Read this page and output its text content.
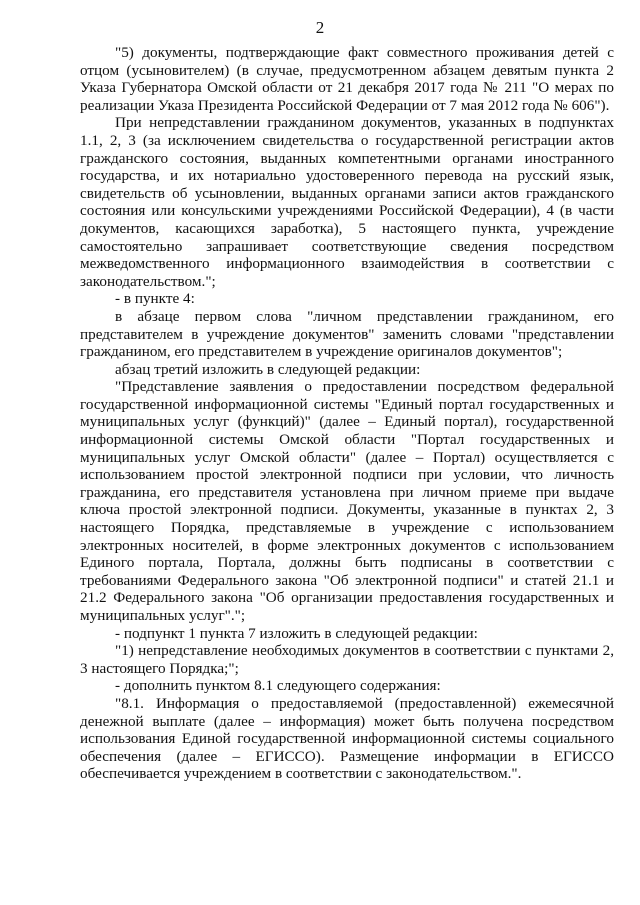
2

"5) документы, подтверждающие факт совместного проживания детей с отцом (усыновителем) (в случае, предусмотренном абзацем девятым пункта 2 Указа Губернатора Омской области от 21 декабря 2017 года № 211 "О мерах по реализации Указа Президента Российской Федерации от 7 мая 2012 года № 606").

При непредставлении гражданином документов, указанных в подпунктах 1.1, 2, 3 (за исключением свидетельства о государственной регистрации актов гражданского состояния, выданных компетентными органами иностранного государства, и их нотариально удостоверенного перевода на русский язык, свидетельств об усыновлении, выданных органами записи актов гражданского состояния или консульскими учреждениями Российской Федерации), 4 (в части документов, касающихся заработка), 5 настоящего пункта, учреждение самостоятельно запрашивает соответствующие сведения посредством межведомственного информационного взаимодействия в соответствии с законодательством.";

- в пункте 4:

в абзаце первом слова "личном представлении гражданином, его представителем в учреждение документов" заменить словами "представлении гражданином, его представителем в учреждение оригиналов документов";

абзац третий изложить в следующей редакции:

"Представление заявления о предоставлении посредством федеральной государственной информационной системы "Единый портал государственных и муниципальных услуг (функций)" (далее – Единый портал), государственной информационной системы Омской области "Портал государственных и муниципальных услуг Омской области" (далее – Портал) осуществляется с использованием простой электронной подписи при условии, что личность гражданина, его представителя установлена при личном приеме при выдаче ключа простой электронной подписи. Документы, указанные в пунктах 2, 3 настоящего Порядка, представляемые в учреждение с использованием электронных носителей, в форме электронных документов с использованием Единого портала, Портала, должны быть подписаны в соответствии с требованиями Федерального закона "Об электронной подписи" и статей 21.1 и 21.2 Федерального закона "Об организации предоставления государственных и муниципальных услуг".";

- подпункт 1 пункта 7 изложить в следующей редакции:

"1) непредставление необходимых документов в соответствии с пунктами 2, 3 настоящего Порядка;";

- дополнить пунктом 8.1 следующего содержания:

"8.1. Информация о предоставляемой (предоставленной) ежемесячной денежной выплате (далее – информация) может быть получена посредством использования Единой государственной информационной системы социального обеспечения (далее – ЕГИССО). Размещение информации в ЕГИССО обеспечивается учреждением в соответствии с законодательством.".
